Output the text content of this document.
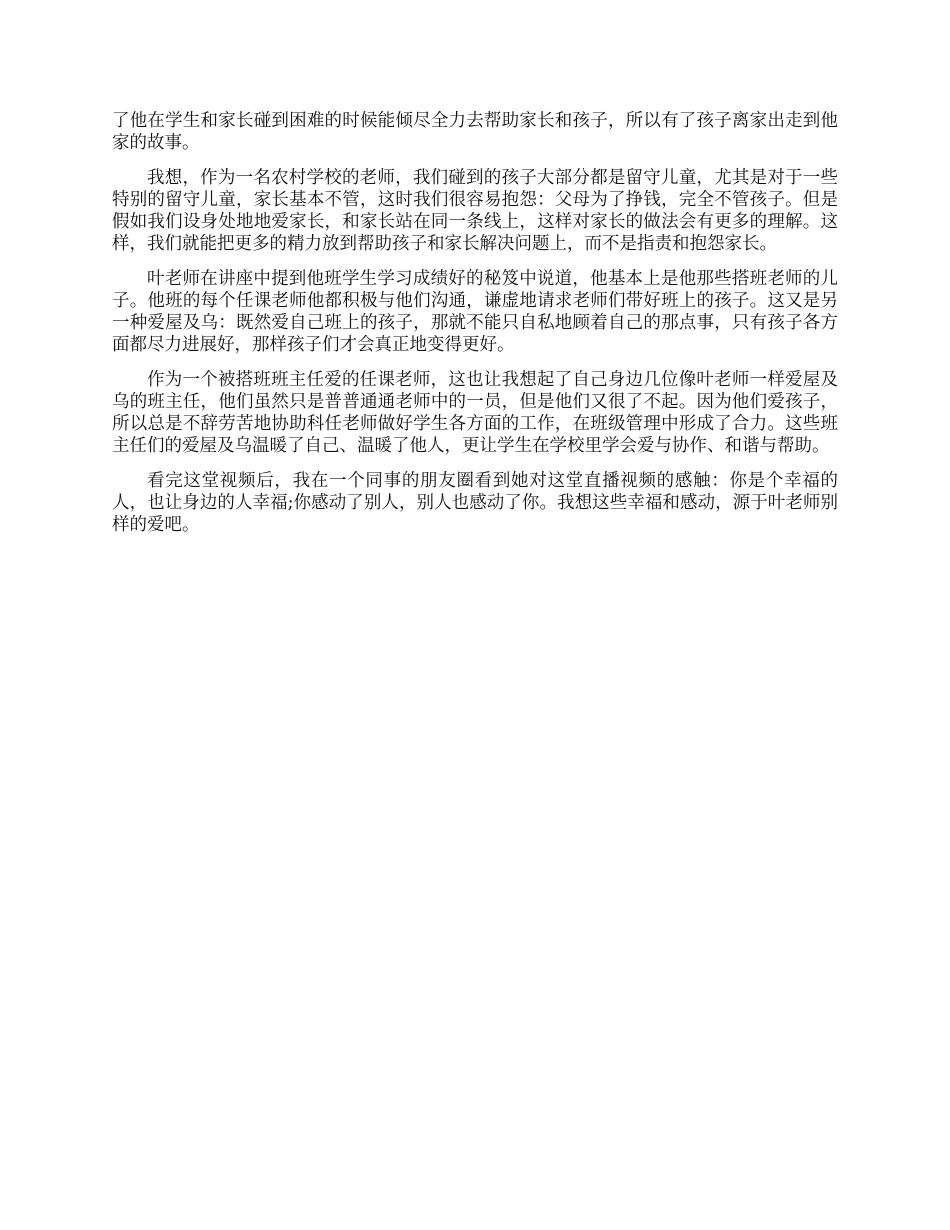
了他在学生和家长碰到困难的时候能倾尽全力去帮助家长和孩子，所以有了孩子离家出走到他家的故事。

我想，作为一名农村学校的老师，我们碰到的孩子大部分都是留守儿童，尤其是对于一些特别的留守儿童，家长基本不管，这时我们很容易抱怨：父母为了挣钱，完全不管孩子。但是假如我们设身处地地爱家长，和家长站在同一条线上，这样对家长的做法会有更多的理解。这样，我们就能把更多的精力放到帮助孩子和家长解决问题上，而不是指责和抱怨家长。

叶老师在讲座中提到他班学生学习成绩好的秘笈中说道，他基本上是他那些搭班老师的儿子。他班的每个任课老师他都积极与他们沟通，谦虚地请求老师们带好班上的孩子。这又是另一种爱屋及乌：既然爱自己班上的孩子，那就不能只自私地顾着自己的那点事，只有孩子各方面都尽力进展好，那样孩子们才会真正地变得更好。

作为一个被搭班班主任爱的任课老师，这也让我想起了自己身边几位像叶老师一样爱屋及乌的班主任，他们虽然只是普普通通老师中的一员，但是他们又很了不起。因为他们爱孩子，所以总是不辞劳苦地协助科任老师做好学生各方面的工作，在班级管理中形成了合力。这些班主任们的爱屋及乌温暖了自己、温暖了他人，更让学生在学校里学会爱与协作、和谐与帮助。

看完这堂视频后，我在一个同事的朋友圈看到她对这堂直播视频的感触：你是个幸福的人，也让身边的人幸福;你感动了别人，别人也感动了你。我想这些幸福和感动，源于叶老师别样的爱吧。
